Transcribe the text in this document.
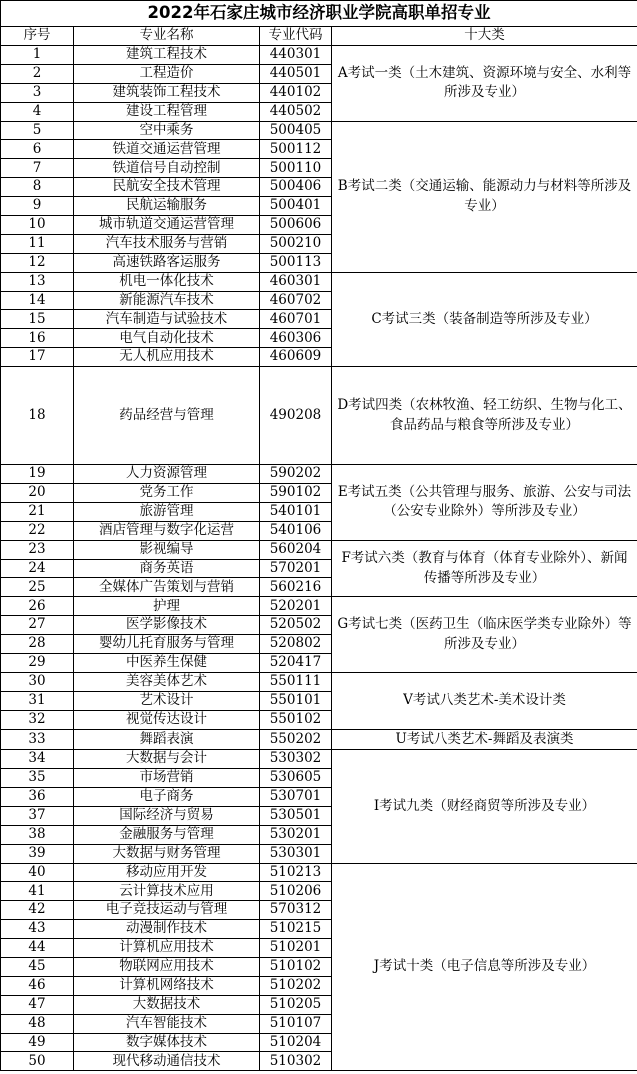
2022年石家庄城市经济职业学院高职单招专业			
序号	专业名称	专业代码	十大类
1	建筑工程技术	440301	A考试一类（土木建筑、资源环境与安全、水利等所涉及专业）
2	工程造价	440501	
3	建筑装饰工程技术	440102	
4	建设工程管理	440502	
5	空中乘务	500405	B考试二类（交通运输、能源动力与材料等所涉及专业）
6	铁道交通运营管理	500112	
7	铁道信号自动控制	500110	
8	民航安全技术管理	500406	
9	民航运输服务	500401	
10	城市轨道交通运营管理	500606	
11	汽车技术服务与营销	500210	
12	高速铁路客运服务	500113	
13	机电一体化技术	460301	C考试三类（装备制造等所涉及专业）
14	新能源汽车技术	460702	
15	汽车制造与试验技术	460701	
16	电气自动化技术	460306	
17	无人机应用技术	460609	
18	药品经营与管理	490208	D考试四类（农林牧渔、轻工纺织、生物与化工、食品药品与粮食等所涉及专业）
19	人力资源管理	590202	E考试五类（公共管理与服务、旅游、公安与司法（公安专业除外）等所涉及专业）
20	党务工作	590102	
21	旅游管理	540101	
22	酒店管理与数字化运营	540106	
23	影视编导	560204	F考试六类（教育与体育（体育专业除外）、新闻传播等所涉及专业）
24	商务英语	570201	
25	全媒体广告策划与营销	560216	
26	护理	520201	G考试七类（医药卫生（临床医学类专业除外）等所涉及专业）
27	医学影像技术	520502	
28	婴幼儿托育服务与管理	520802	
29	中医养生保健	520417	
30	美容美体艺术	550111	V考试八类艺术-美术设计类
31	艺术设计	550101	
32	视觉传达设计	550102	
33	舞蹈表演	550202	U考试八类艺术-舞蹈及表演类
34	大数据与会计	530302	I考试九类（财经商贸等所涉及专业）
35	市场营销	530605	
36	电子商务	530701	
37	国际经济与贸易	530501	
38	金融服务与管理	530201	
39	大数据与财务管理	530301	
40	移动应用开发	510213	J考试十类（电子信息等所涉及专业）
41	云计算技术应用	510206	
42	电子竞技运动与管理	570312	
43	动漫制作技术	510215	
44	计算机应用技术	510201	
45	物联网应用技术	510102	
46	计算机网络技术	510202	
47	大数据技术	510205	
48	汽车智能技术	510107	
49	数字媒体技术	510204	
50	现代移动通信技术	510302	
